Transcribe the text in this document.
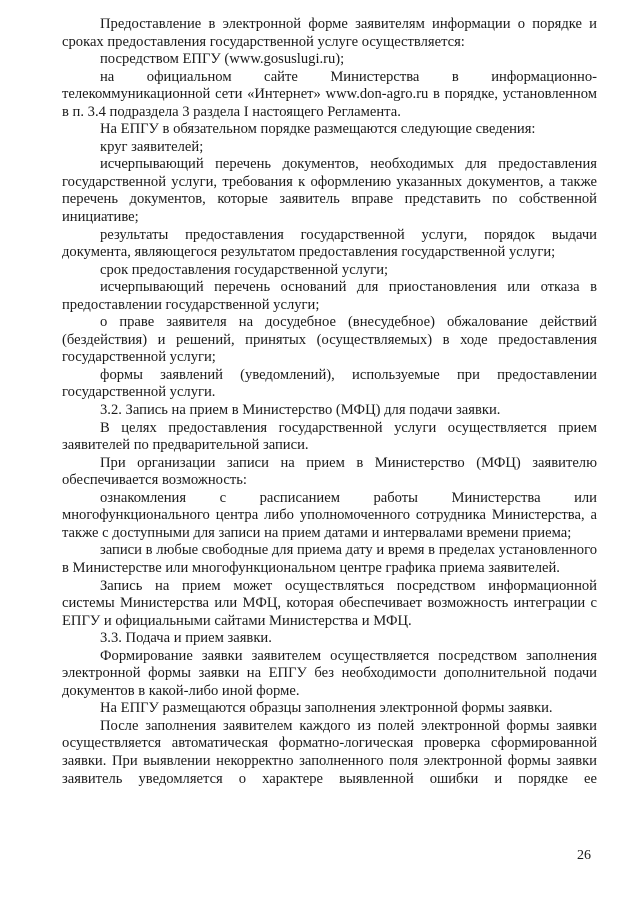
Предоставление в электронной форме заявителям информации о порядке и сроках предоставления государственной услуге осуществляется:

посредством ЕПГУ (www.gosuslugi.ru);

на официальном сайте Министерства в информационно-телекоммуникационной сети «Интернет» www.don-agro.ru в порядке, установленном в п. 3.4 подраздела 3 раздела I настоящего Регламента.

На ЕПГУ в обязательном порядке размещаются следующие сведения:

круг заявителей;

исчерпывающий перечень документов, необходимых для предоставления государственной услуги, требования к оформлению указанных документов, а также перечень документов, которые заявитель вправе представить по собственной инициативе;

результаты предоставления государственной услуги, порядок выдачи документа, являющегося результатом предоставления государственной услуги;

срок предоставления государственной услуги;

исчерпывающий перечень оснований для приостановления или отказа в предоставлении государственной услуги;

о праве заявителя на досудебное (внесудебное) обжалование действий (бездействия) и решений, принятых (осуществляемых) в ходе предоставления государственной услуги;

формы заявлений (уведомлений), используемые при предоставлении государственной услуги.

3.2. Запись на прием в Министерство (МФЦ) для подачи заявки.

В целях предоставления государственной услуги осуществляется прием заявителей по предварительной записи.

При организации записи на прием в Министерство (МФЦ) заявителю обеспечивается возможность:

ознакомления с расписанием работы Министерства или многофункционального центра либо уполномоченного сотрудника Министерства, а также с доступными для записи на прием датами и интервалами времени приема;

записи в любые свободные для приема дату и время в пределах установленного в Министерстве или многофункциональном центре графика приема заявителей.

Запись на прием может осуществляться посредством информационной системы Министерства или МФЦ, которая обеспечивает возможность интеграции с ЕПГУ и официальными сайтами Министерства и МФЦ.

3.3. Подача и прием заявки.

Формирование заявки заявителем осуществляется посредством заполнения электронной формы заявки на ЕПГУ без необходимости дополнительной подачи документов в какой-либо иной форме.

На ЕПГУ размещаются образцы заполнения электронной формы заявки.

После заполнения заявителем каждого из полей электронной формы заявки осуществляется автоматическая форматно-логическая проверка сформированной заявки. При выявлении некорректно заполненного поля электронной формы заявки заявитель уведомляется о характере выявленной ошибки и порядке ее

26
